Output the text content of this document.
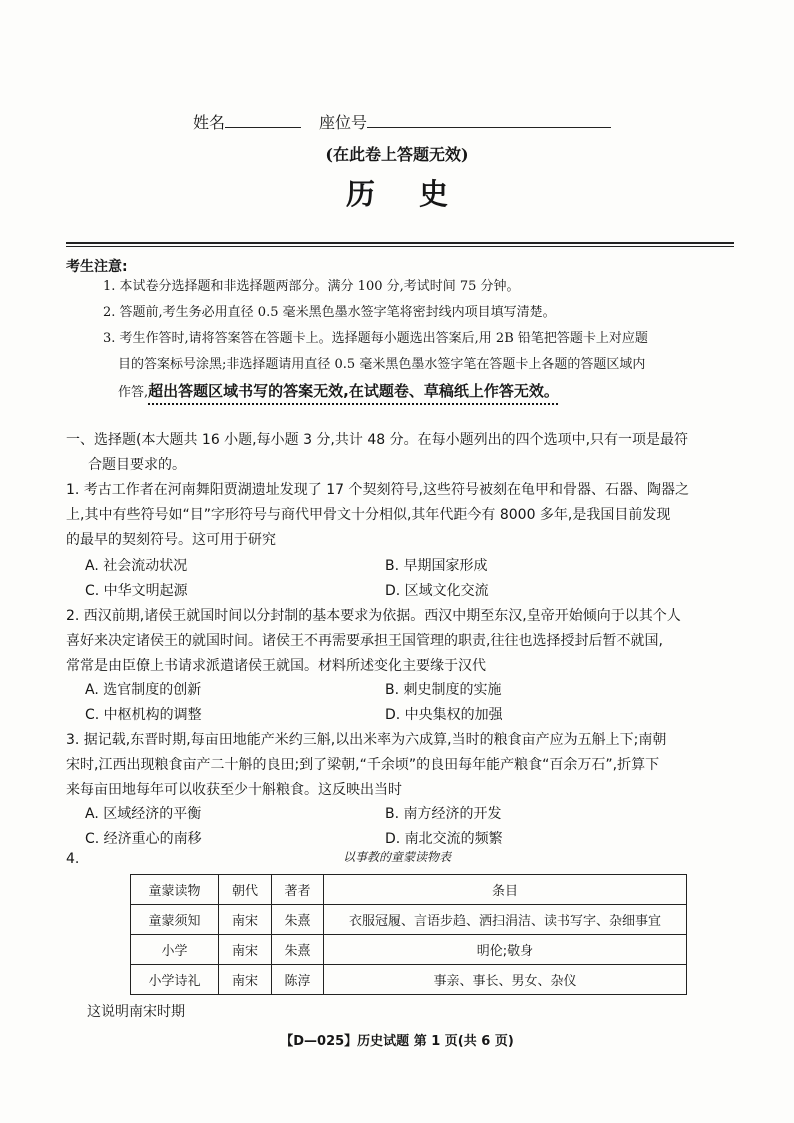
姓名	座位号
(在此卷上答题无效)
历史
考生注意:
1. 本试卷分选择题和非选择题两部分。满分 100 分,考试时间 75 分钟。
2. 答题前,考生务必用直径 0.5 毫米黑色墨水签字笔将密封线内项目填写清楚。
3. 考生作答时,请将答案答在答题卡上。选择题每小题选出答案后,用 2B 铅笔把答题卡上对应题
目的答案标号涂黑;非选择题请用直径 0.5 毫米黑色墨水签字笔在答题卡上各题的答题区域内
作答,超出答题区域书写的答案无效,在试题卷、草稿纸上作答无效。
一、选择题(本大题共 16 小题,每小题 3 分,共计 48 分。在每小题列出的四个选项中,只有一项是最符
合题目要求的。
1. 考古工作者在河南舞阳贾湖遗址发现了 17 个契刻符号,这些符号被刻在龟甲和骨器、石器、陶器之
上,其中有些符号如“目”字形符号与商代甲骨文十分相似,其年代距今有 8000 多年,是我国目前发现
的最早的契刻符号。这可用于研究
A. 社会流动状况	B. 早期国家形成
C. 中华文明起源	D. 区域文化交流
2. 西汉前期,诸侯王就国时间以分封制的基本要求为依据。西汉中期至东汉,皇帝开始倾向于以其个人
喜好来决定诸侯王的就国时间。诸侯王不再需要承担王国管理的职责,往往也选择授封后暂不就国,
常常是由臣僚上书请求派遣诸侯王就国。材料所述变化主要缘于汉代
A. 选官制度的创新	B. 刺史制度的实施
C. 中枢机构的调整	D. 中央集权的加强
3. 据记载,东晋时期,每亩田地能产米约三斛,以出米率为六成算,当时的粮食亩产应为五斛上下;南朝
宋时,江西出现粮食亩产二十斛的良田;到了梁朝,“千余顷”的良田每年能产粮食“百余万石”,折算下
来每亩田地每年可以收获至少十斛粮食。这反映出当时
A. 区域经济的平衡	B. 南方经济的开发
C. 经济重心的南移	D. 南北交流的频繁
4.	以事教的童蒙读物表
童蒙读物	朝代	著者	条目
童蒙须知	南宋	朱熹	衣服冠履、言语步趋、洒扫涓洁、读书写字、杂细事宜
小学	南宋	朱熹	明伦;敬身
小学诗礼	南宋	陈淳	事亲、事长、男女、杂仪
这说明南宋时期
【D—025】历史试题 第 1 页(共 6 页)
